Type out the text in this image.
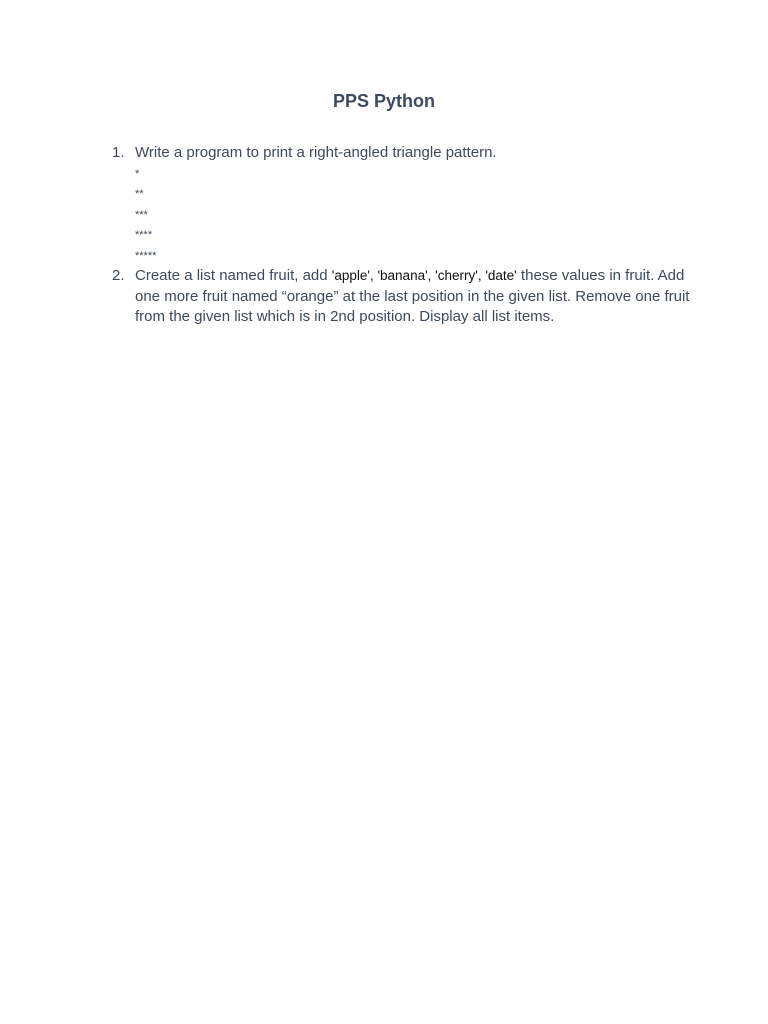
PPS Python
1. Write a program to print a right-angled triangle pattern.
*
**
***
****
*****
2. Create a list named fruit, add 'apple', 'banana', 'cherry', 'date' these values in fruit. Add one more fruit named “orange” at the last position in the given list. Remove one fruit from the given list which is in 2nd position. Display all list items.
